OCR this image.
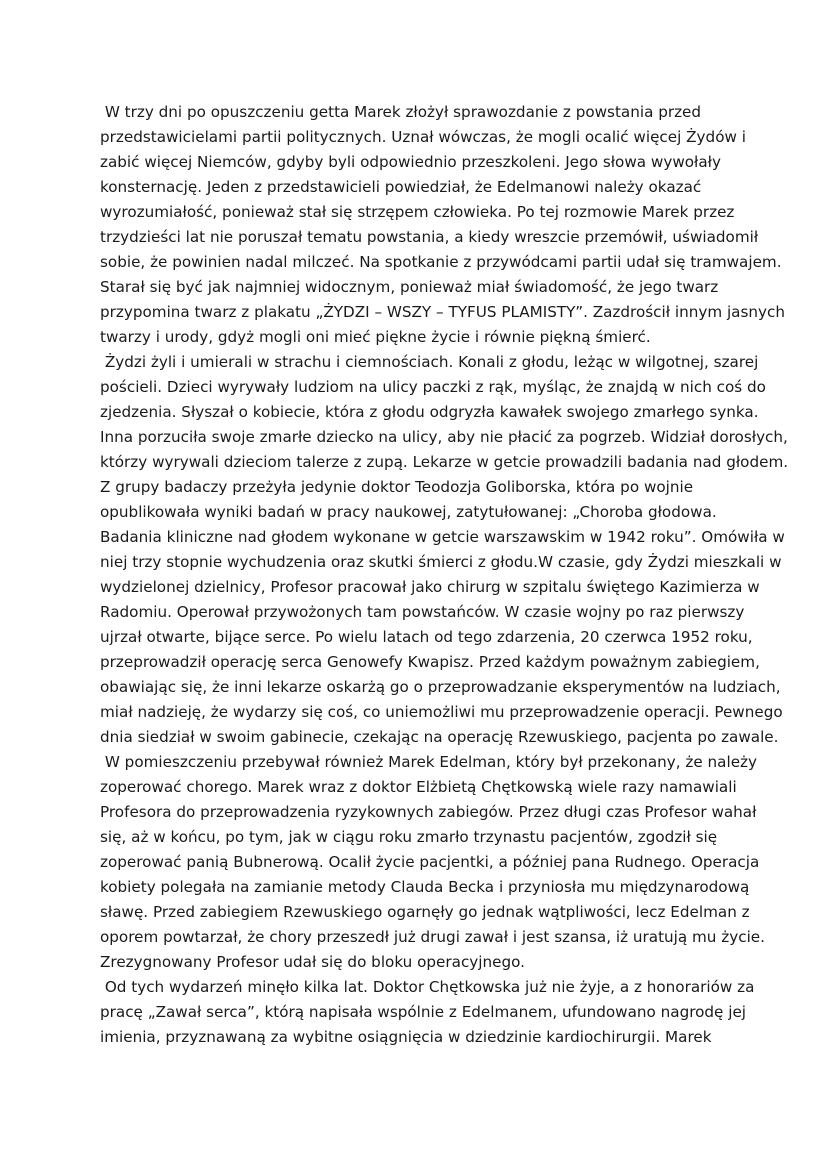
W trzy dni po opuszczeniu getta Marek złożył sprawozdanie z powstania przed
przedstawicielami partii politycznych. Uznał wówczas, że mogli ocalić więcej Żydów i
zabić więcej Niemców, gdyby byli odpowiednio przeszkoleni. Jego słowa wywołały
konsternację. Jeden z przedstawicieli powiedział, że Edelmanowi należy okazać
wyrozumiałość, ponieważ stał się strzępem człowieka. Po tej rozmowie Marek przez
trzydzieści lat nie poruszał tematu powstania, a kiedy wreszcie przemówił, uświadomił
sobie, że powinien nadal milczeć. Na spotkanie z przywódcami partii udał się tramwajem.
Starał się być jak najmniej widocznym, ponieważ miał świadomość, że jego twarz
przypomina twarz z plakatu „ŻYDZI – WSZY – TYFUS PLAMISTY”. Zazdrościł innym jasnych
twarzy i urody, gdyż mogli oni mieć piękne życie i równie piękną śmierć.
Żydzi żyli i umierali w strachu i ciemnościach. Konali z głodu, leżąc w wilgotnej, szarej
pościeli. Dzieci wyrywały ludziom na ulicy paczki z rąk, myśląc, że znajdą w nich coś do
zjedzenia. Słyszał o kobiecie, która z głodu odgryzła kawałek swojego zmarłego synka.
Inna porzuciła swoje zmarłe dziecko na ulicy, aby nie płacić za pogrzeb. Widział dorosłych,
którzy wyrywali dzieciom talerze z zupą. Lekarze w getcie prowadzili badania nad głodem.
Z grupy badaczy przeżyła jedynie doktor Teodozja Goliborska, która po wojnie
opublikowała wyniki badań w pracy naukowej, zatytułowanej: „Choroba głodowa.
Badania kliniczne nad głodem wykonane w getcie warszawskim w 1942 roku”. Omówiła w
niej trzy stopnie wychudzenia oraz skutki śmierci z głodu.W czasie, gdy Żydzi mieszkali w
wydzielonej dzielnicy, Profesor pracował jako chirurg w szpitalu świętego Kazimierza w
Radomiu. Operował przywożonych tam powstańców. W czasie wojny po raz pierwszy
ujrzał otwarte, bijące serce. Po wielu latach od tego zdarzenia, 20 czerwca 1952 roku,
przeprowadził operację serca Genowefy Kwapisz. Przed każdym poważnym zabiegiem,
obawiając się, że inni lekarze oskarżą go o przeprowadzanie eksperymentów na ludziach,
miał nadzieję, że wydarzy się coś, co uniemożliwi mu przeprowadzenie operacji. Pewnego
dnia siedział w swoim gabinecie, czekając na operację Rzewuskiego, pacjenta po zawale.
W pomieszczeniu przebywał również Marek Edelman, który był przekonany, że należy
zoperować chorego. Marek wraz z doktor Elżbietą Chętkowską wiele razy namawiali
Profesora do przeprowadzenia ryzykownych zabiegów. Przez długi czas Profesor wahał
się, aż w końcu, po tym, jak w ciągu roku zmarło trzynastu pacjentów, zgodził się
zoperować panią Bubnerową. Ocalił życie pacjentki, a później pana Rudnego. Operacja
kobiety polegała na zamianie metody Clauda Becka i przyniosła mu międzynarodową
sławę. Przed zabiegiem Rzewuskiego ogarnęły go jednak wątpliwości, lecz Edelman z
oporem powtarzał, że chory przeszedł już drugi zawał i jest szansa, iż uratują mu życie.
Zrezygnowany Profesor udał się do bloku operacyjnego.
Od tych wydarzeń minęło kilka lat. Doktor Chętkowska już nie żyje, a z honorariów za
pracę „Zawał serca”, którą napisała wspólnie z Edelmanem, ufundowano nagrodę jej
imienia, przyznawaną za wybitne osiągnięcia w dziedzinie kardiochirurgii. Marek
